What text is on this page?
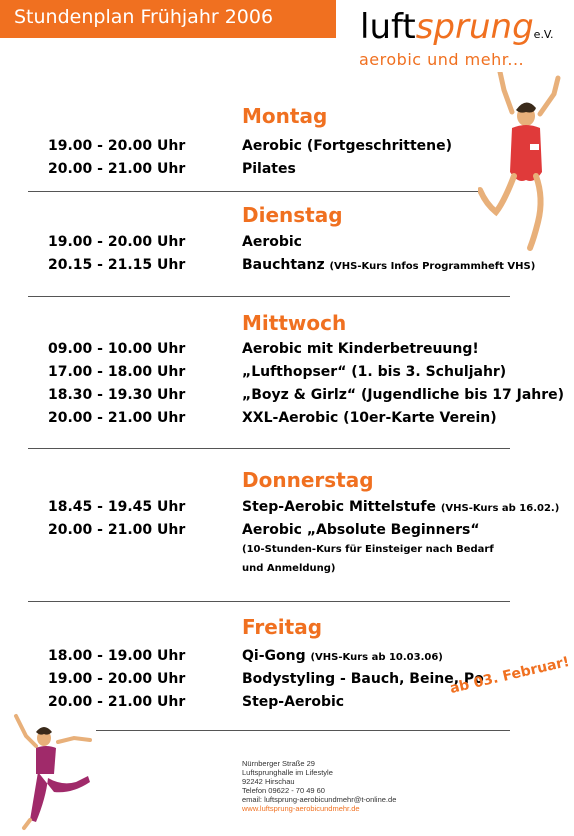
Stundenplan Frühjahr 2006	luftsprunge.V.
aerobic und mehr...
Montag
19.00 - 20.00 Uhr	Aerobic (Fortgeschrittene)
20.00 - 21.00 Uhr	Pilates
Dienstag
19.00 - 20.00 Uhr	Aerobic
20.15 - 21.15 Uhr	Bauchtanz (VHS-Kurs Infos Programmheft VHS)
Mittwoch
09.00 - 10.00 Uhr	Aerobic mit Kinderbetreuung!
17.00 - 18.00 Uhr	„Lufthopser“ (1. bis 3. Schuljahr)
18.30 - 19.30 Uhr	„Boyz & Girlz“ (Jugendliche bis 17 Jahre)
20.00 - 21.00 Uhr	XXL-Aerobic (10er-Karte Verein)
Donnerstag
18.45 - 19.45 Uhr	Step-Aerobic Mittelstufe (VHS-Kurs ab 16.02.)
20.00 - 21.00 Uhr	Aerobic „Absolute Beginners“
(10-Stunden-Kurs für Einsteiger nach Bedarf
und Anmeldung)
Freitag
18.00 - 19.00 Uhr	Qi-Gong (VHS-Kurs ab 10.03.06)
19.00 - 20.00 Uhr	Bodystyling - Bauch, Beine, Po
20.00 - 21.00 Uhr	Step-Aerobic
ab 03. Februar!
Nürnberger Straße 29
Luftsprunghalle im Lifestyle
92242 Hirschau
Telefon 09622 - 70 49 60
email: luftsprung-aerobicundmehr@t-online.de
www.luftsprung-aerobicundmehr.de
